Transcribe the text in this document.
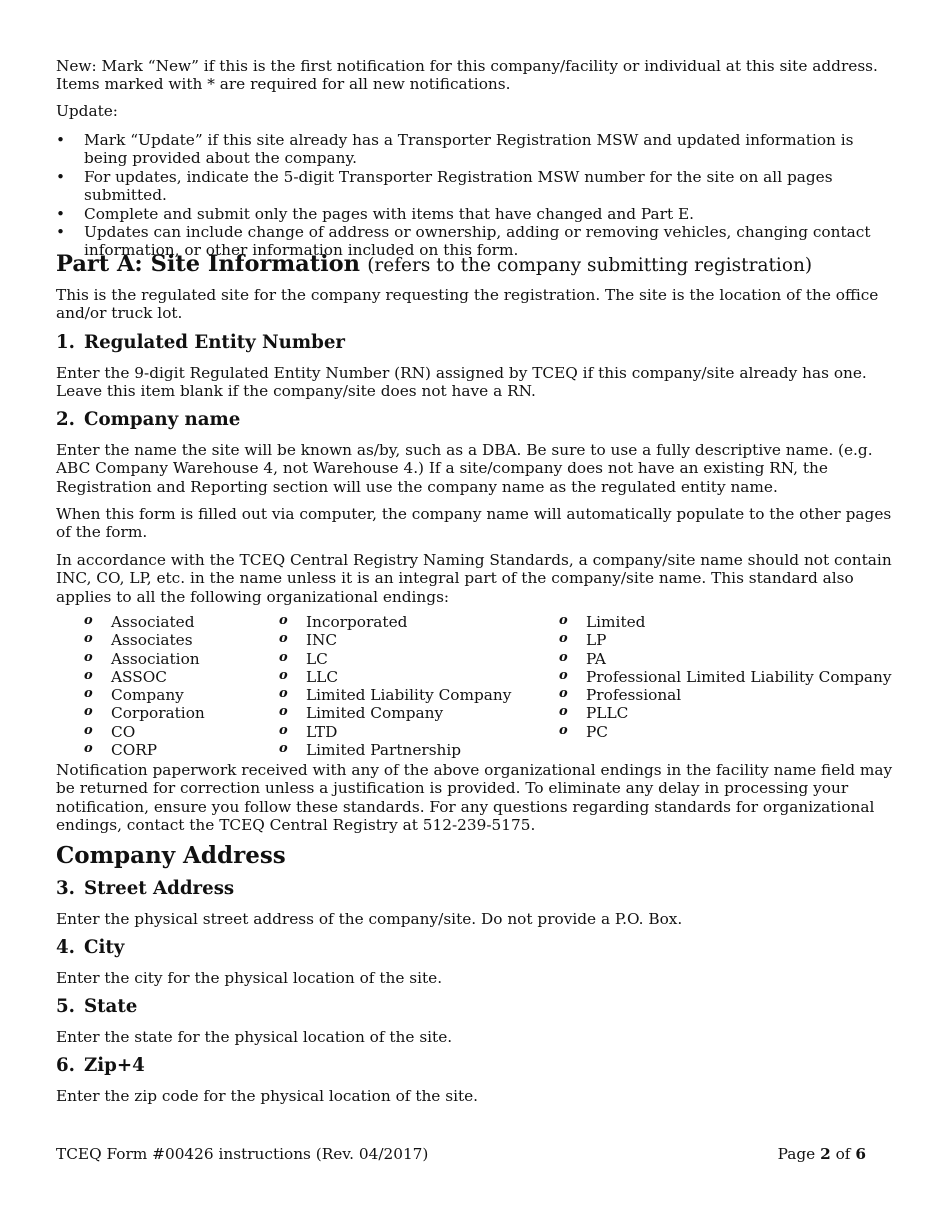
New: Mark “New” if this is the first notification for this company/facility or individual at this site address. Items marked with * are required for all new notifications.

Update:

• Mark “Update” if this site already has a Transporter Registration MSW and updated information is being provided about the company.
• For updates, indicate the 5-digit Transporter Registration MSW number for the site on all pages submitted.
• Complete and submit only the pages with items that have changed and Part E.
• Updates can include change of address or ownership, adding or removing vehicles, changing contact information, or other information included on this form.
Part A: Site Information (refers to the company submitting registration)

This is the regulated site for the company requesting the registration. The site is the location of the office and/or truck lot.

1. Regulated Entity Number

Enter the 9-digit Regulated Entity Number (RN) assigned by TCEQ if this company/site already has one. Leave this item blank if the company/site does not have a RN.

2. Company name

Enter the name the site will be known as/by, such as a DBA. Be sure to use a fully descriptive name. (e.g. ABC Company Warehouse 4, not Warehouse 4.) If a site/company does not have an existing RN, the Registration and Reporting section will use the company name as the regulated entity name.

When this form is filled out via computer, the company name will automatically populate to the other pages of the form.

In accordance with the TCEQ Central Registry Naming Standards, a company/site name should not contain INC, CO, LP, etc. in the name unless it is an integral part of the company/site name. This standard also applies to all the following organizational endings:

Notification paperwork received with any of the above organizational endings in the facility name field may be returned for correction unless a justification is provided. To eliminate any delay in processing your notification, ensure you follow these standards. For any questions regarding standards for organizational endings, contact the TCEQ Central Registry at 512-239-5175.

Company Address
3. Street Address

Enter the physical street address of the company/site. Do not provide a P.O. Box.

4. City

Enter the city for the physical location of the site.

5. State

Enter the state for the physical location of the site.

6. Zip+4

Enter the zip code for the physical location of the site.

TCEQ Form #00426 instructions (Rev. 04/2017)	Page 2 of 6
o Associated
o Associates
o Association
o ASSOC
o Company
o Corporation
o CO
o CORP
o Incorporated
o INC
o LC
o LLC
o Limited Liability Company
o Limited Company
o LTD
o Limited Partnership
o Limited
o LP
o PA
o Professional Limited Liability Company
o Professional
o PLLC
o PC
